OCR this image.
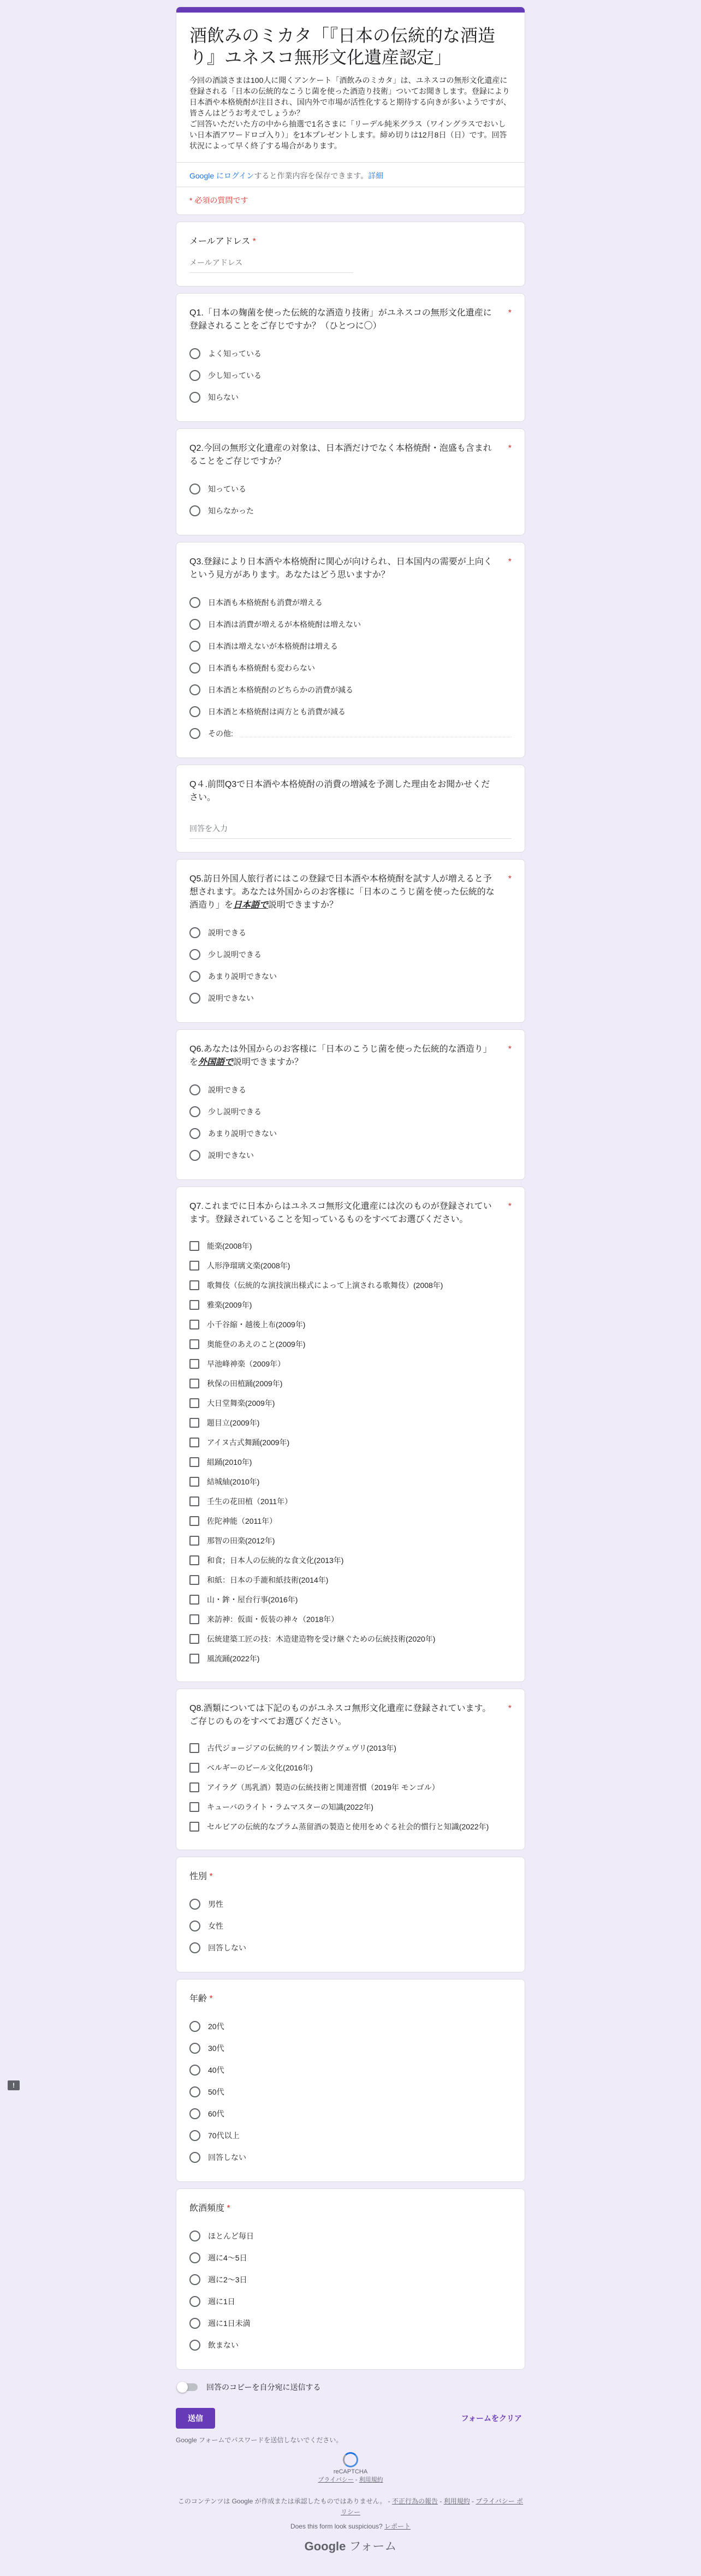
!
酒飲みのミカタ「『日本の伝統的な酒造り』ユネスコ無形文化遺産認定」
今回の酒談さまは100人に聞くアンケート「酒飲みのミカタ」は、ユネスコの無形文化遺産に登録される「日本の伝統的なこうじ菌を使った酒造り技術」ついてお聞きします。登録により日本酒や本格焼酎が注目され、国内外で市場が活性化すると期待する向きが多いようですが、皆さんはどうお考えでしょうか？
ご回答いただいた方の中から抽選で1名さまに「リーデル純米グラス（ワイングラスでおいしい日本酒アワードロゴ入り）」を1本プレゼントします。締め切りは12月8日（日）です。回答状況によって早く終了する場合があります。
Google にログインすると作業内容を保存できます。詳細
* 必須の質問です
メールアドレス *
メールアドレス
Q1.「日本の麹菌を使った伝統的な酒造り技術」がユネスコの無形文化遺産に登録されることをご存じですか？（ひとつに〇）
*
よく知っている
少し知っている
知らない
Q2.今回の無形文化遺産の対象は、日本酒だけでなく本格焼酎・泡盛も含まれることをご存じですか？
*
知っている
知らなかった
Q3.登録により日本酒や本格焼酎に関心が向けられ、日本国内の需要が上向くという見方があります。あなたはどう思いますか？
*
日本酒も本格焼酎も消費が増える
日本酒は消費が増えるが本格焼酎は増えない
日本酒は増えないが本格焼酎は増える
日本酒も本格焼酎も変わらない
日本酒と本格焼酎のどちらかの消費が減る
日本酒と本格焼酎は両方とも消費が減る
その他:
Q４.前問Q3で日本酒や本格焼酎の消費の増減を予測した理由をお聞かせください。
回答を入力
Q5.訪日外国人旅行者にはこの登録で日本酒や本格焼酎を試す人が増えると予想されます。あなたは外国からのお客様に「日本のこうじ菌を使った伝統的な酒造り」を日本語で説明できますか？
*
説明できる
少し説明できる
あまり説明できない
説明できない
Q6.あなたは外国からのお客様に「日本のこうじ菌を使った伝統的な酒造り」を外国語で説明できますか？
*
説明できる
少し説明できる
あまり説明できない
説明できない
Q7.これまでに日本からはユネスコ無形文化遺産には次のものが登録されています。登録されていることを知っているものをすべてお選びください。
*
能楽(2008年)
人形浄瑠璃文楽(2008年)
歌舞伎（伝統的な演技演出様式によって上演される歌舞伎）(2008年)
雅楽(2009年)
小千谷縮・越後上布(2009年)
奥能登のあえのこと(2009年)
早池峰神楽（2009年）
秋保の田植踊(2009年)
大日堂舞楽(2009年)
題目立(2009年)
アイヌ古式舞踊(2009年)
組踊(2010年)
結城紬(2010年)
壬生の花田植（2011年）
佐陀神能（2011年）
那智の田楽(2012年)
和食；日本人の伝統的な食文化(2013年)
和紙：日本の手漉和紙技術(2014年)
山・鉾・屋台行事(2016年)
来訪神：仮面・仮装の神々（2018年）
伝統建築工匠の技：木造建造物を受け継ぐための伝統技術(2020年)
風流踊(2022年)
Q8.酒類については下記のものがユネスコ無形文化遺産に登録されています。ご存じのものをすべてお選びください。
*
古代ジョージアの伝統的ワイン製法クヴェヴリ(2013年)
ベルギーのビール文化(2016年)
アイラグ（馬乳酒）製造の伝統技術と関連習慣（2019年 モンゴル）
キューバのライト・ラムマスターの知識(2022年)
セルビアの伝統的なプラム蒸留酒の製造と使用をめぐる社会的慣行と知識(2022年)
性別 *
男性
女性
回答しない
年齢 *
20代
30代
40代
50代
60代
70代以上
回答しない
飲酒頻度 *
ほとんど毎日
週に4〜5日
週に2〜3日
週に1日
週に1日未満
飲まない
回答のコピーを自分宛に送信する
送信	フォームをクリア
Google フォームでパスワードを送信しないでください。
reCAPTCHA
プライバシー - 利用規約
このコンテンツは Google が作成または承認したものではありません。 - 不正行為の報告 - 利用規約 - プライバシー ポリシー
Does this form look suspicious? レポート
Google フォーム
